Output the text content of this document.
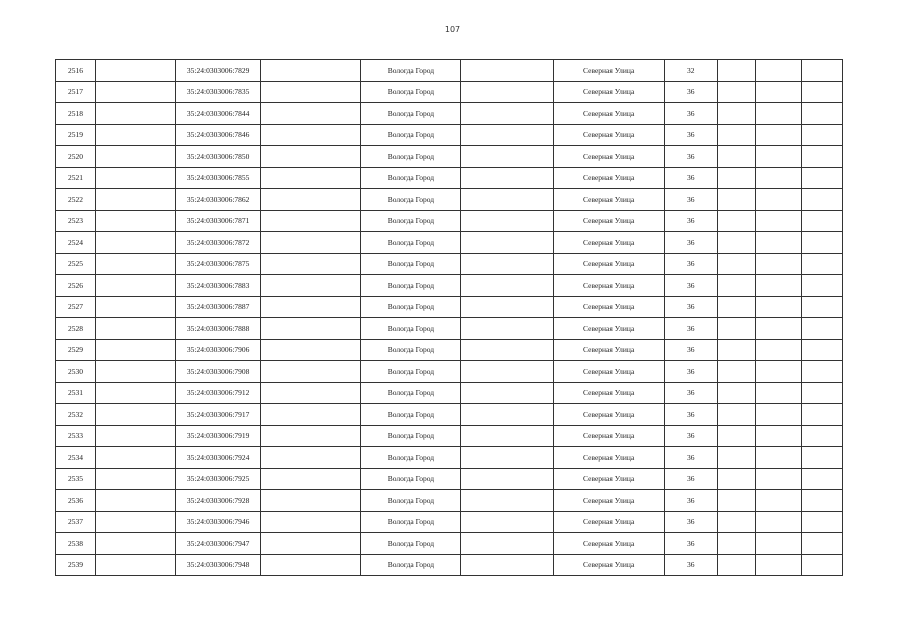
107
2516		35:24:0303006:7829		Вологда Город		Северная Улица	32			
2517		35:24:0303006:7835		Вологда Город		Северная Улица	36			
2518		35:24:0303006:7844		Вологда Город		Северная Улица	36			
2519		35:24:0303006:7846		Вологда Город		Северная Улица	36			
2520		35:24:0303006:7850		Вологда Город		Северная Улица	36			
2521		35:24:0303006:7855		Вологда Город		Северная Улица	36			
2522		35:24:0303006:7862		Вологда Город		Северная Улица	36			
2523		35:24:0303006:7871		Вологда Город		Северная Улица	36			
2524		35:24:0303006:7872		Вологда Город		Северная Улица	36			
2525		35:24:0303006:7875		Вологда Город		Северная Улица	36			
2526		35:24:0303006:7883		Вологда Город		Северная Улица	36			
2527		35:24:0303006:7887		Вологда Город		Северная Улица	36			
2528		35:24:0303006:7888		Вологда Город		Северная Улица	36			
2529		35:24:0303006:7906		Вологда Город		Северная Улица	36			
2530		35:24:0303006:7908		Вологда Город		Северная Улица	36			
2531		35:24:0303006:7912		Вологда Город		Северная Улица	36			
2532		35:24:0303006:7917		Вологда Город		Северная Улица	36			
2533		35:24:0303006:7919		Вологда Город		Северная Улица	36			
2534		35:24:0303006:7924		Вологда Город		Северная Улица	36			
2535		35:24:0303006:7925		Вологда Город		Северная Улица	36			
2536		35:24:0303006:7928		Вологда Город		Северная Улица	36			
2537		35:24:0303006:7946		Вологда Город		Северная Улица	36			
2538		35:24:0303006:7947		Вологда Город		Северная Улица	36			
2539		35:24:0303006:7948		Вологда Город		Северная Улица	36			
